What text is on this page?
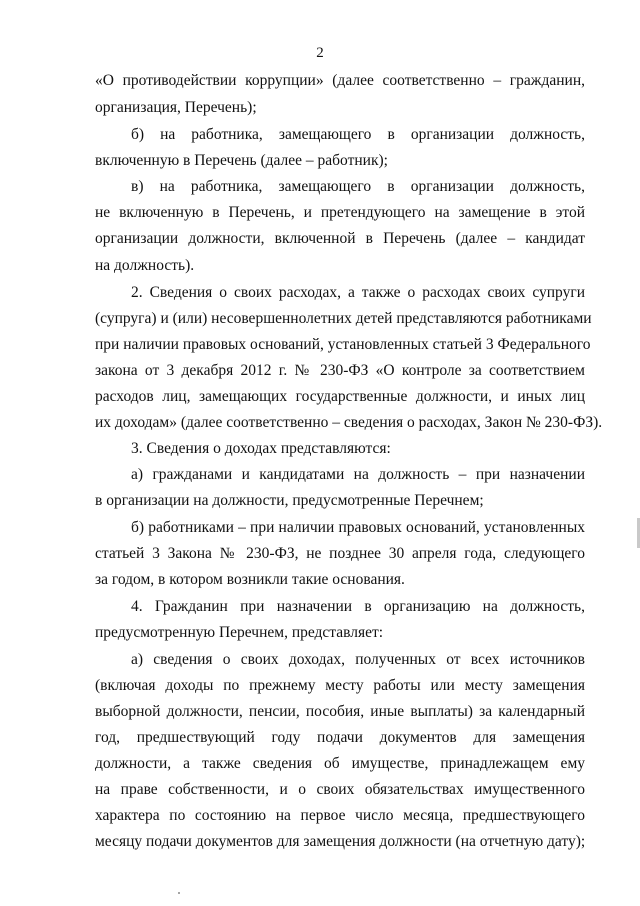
2
«О противодействии коррупции» (далее соответственно – гражданин,
организация, Перечень);
б) на работника, замещающего в организации должность,
включенную в Перечень (далее – работник);
в) на работника, замещающего в организации должность,
не включенную в Перечень, и претендующего на замещение в этой
организации должности, включенной в Перечень (далее – кандидат
на должность).
2. Сведения о своих расходах, а также о расходах своих супруги
(супруга) и (или) несовершеннолетних детей представляются работниками
при наличии правовых оснований, установленных статьей 3 Федерального
закона от 3 декабря 2012 г. № 230-ФЗ «О контроле за соответствием
расходов лиц, замещающих государственные должности, и иных лиц
их доходам» (далее соответственно – сведения о расходах, Закон № 230-ФЗ).
3. Сведения о доходах представляются:
а) гражданами и кандидатами на должность – при назначении
в организации на должности, предусмотренные Перечнем;
б) работниками – при наличии правовых оснований, установленных
статьей 3 Закона № 230-ФЗ, не позднее 30 апреля года, следующего
за годом, в котором возникли такие основания.
4. Гражданин при назначении в организацию на должность,
предусмотренную Перечнем, представляет:
а) сведения о своих доходах, полученных от всех источников
(включая доходы по прежнему месту работы или месту замещения
выборной должности, пенсии, пособия, иные выплаты) за календарный
год, предшествующий году подачи документов для замещения
должности, а также сведения об имуществе, принадлежащем ему
на праве собственности, и о своих обязательствах имущественного
характера по состоянию на первое число месяца, предшествующего
месяцу подачи документов для замещения должности (на отчетную дату);
